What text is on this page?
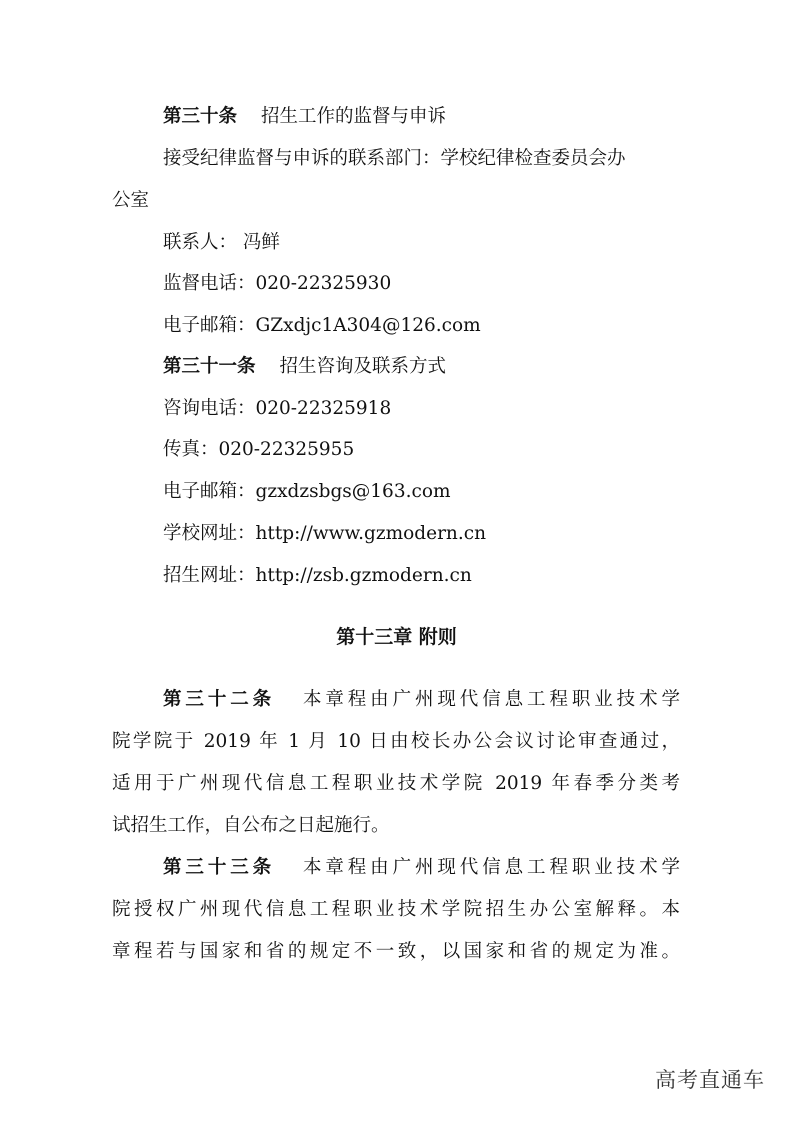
第三十条 招生工作的监督与申诉
接受纪律监督与申诉的联系部门：学校纪律检查委员会办
公室
联系人： 冯鲜
监督电话：020-22325930
电子邮箱：GZxdjc1A304@126.com
第三十一条 招生咨询及联系方式
咨询电话：020-22325918
传真：020-22325955
电子邮箱：gzxdzsbgs@163.com
学校网址：http://www.gzmodern.cn
招生网址：http://zsb.gzmodern.cn
第十三章 附则
第三十二条 本章程由广州现代信息工程职业技术学
院学院于 2019 年 1 月 10 日由校长办公会议讨论审查通过，
适用于广州现代信息工程职业技术学院 2019 年春季分类考
试招生工作，自公布之日起施行。
第三十三条 本章程由广州现代信息工程职业技术学
院授权广州现代信息工程职业技术学院招生办公室解释。本
章程若与国家和省的规定不一致，以国家和省的规定为准。
高考直通车
